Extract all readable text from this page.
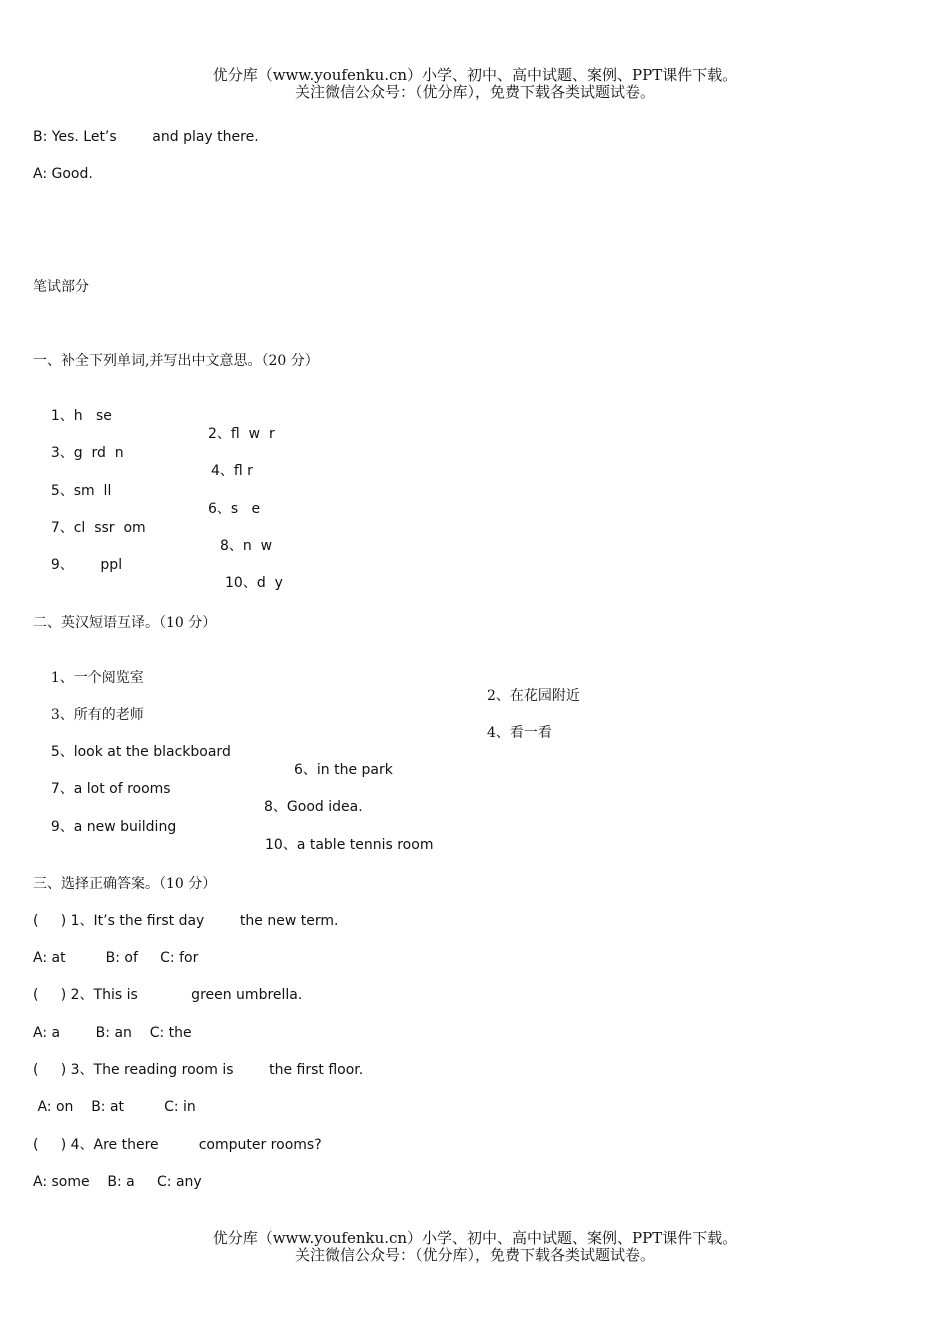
优分库（www.youfenku.cn）小学、初中、高中试题、案例、PPT课件下载。
关注微信公众号：（优分库），免费下载各类试题试卷。
B: Yes. Let’s        and play there.
A: Good.
笔试部分
一、补全下列单词,并写出中文意思。（20 分）

1、h   se

2、fl  w  r

3、g  rd  n

4、fl r

5、sm  ll

6、s   e

7、cl  ssr  om

8、n  w

9、      ppl

10、d  y

二、英汉短语互译。（10 分）

1、一个阅览室

2、在花园附近

3、所有的老师

4、看一看

5、look at the blackboard

6、in the park

7、a lot of rooms

8、Good idea.

9、a new building

10、a table tennis room

三、选择正确答案。（10 分）
(     ) 1、It’s the first day        the new term.
A: at         B: of     C: for
(     ) 2、This is            green umbrella.
A: a        B: an    C: the
(     ) 3、The reading room is        the first floor.
A: on    B: at         C: in
(     ) 4、Are there         computer rooms?
A: some    B: a     C: any
优分库（www.youfenku.cn）小学、初中、高中试题、案例、PPT课件下载。
关注微信公众号：（优分库），免费下载各类试题试卷。
